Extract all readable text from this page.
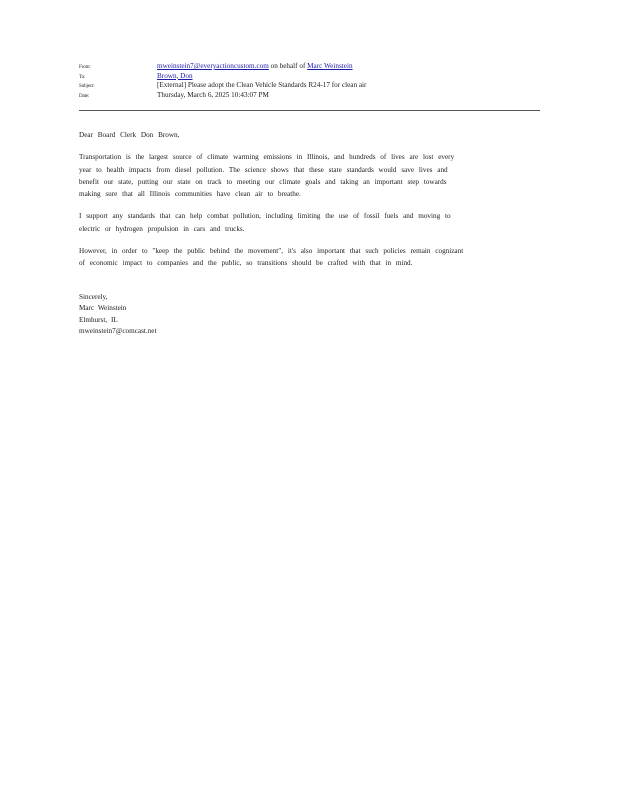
From:	mweinstein7@everyactioncustom.com on behalf of Marc Weinstein
To:	Brown, Don
Subject:	[External] Please adopt the Clean Vehicle Standards R24-17 for clean air
Date:	Thursday, March 6, 2025 10:43:07 PM

Dear Board Clerk Don Brown,

Transportation is the largest source of climate warming emissions in Illinois, and hundreds of lives are lost every
year to health impacts from diesel pollution. The science shows that these state standards would save lives and
benefit our state, putting our state on track to meeting our climate goals and taking an important step towards
making sure that all Illinois communities have clean air to breathe.
I support any standards that can help combat pollution, including limiting the use of fossil fuels and moving to
electric or hydrogen propulsion in cars and trucks.
However, in order to "keep the public behind the movement", it's also important that such policies remain cognizant
of economic impact to companies and the public, so transitions should be crafted with that in mind.
Sincerely,
Marc Weinstein
Elmhurst, IL
mweinstein7@comcast.net
